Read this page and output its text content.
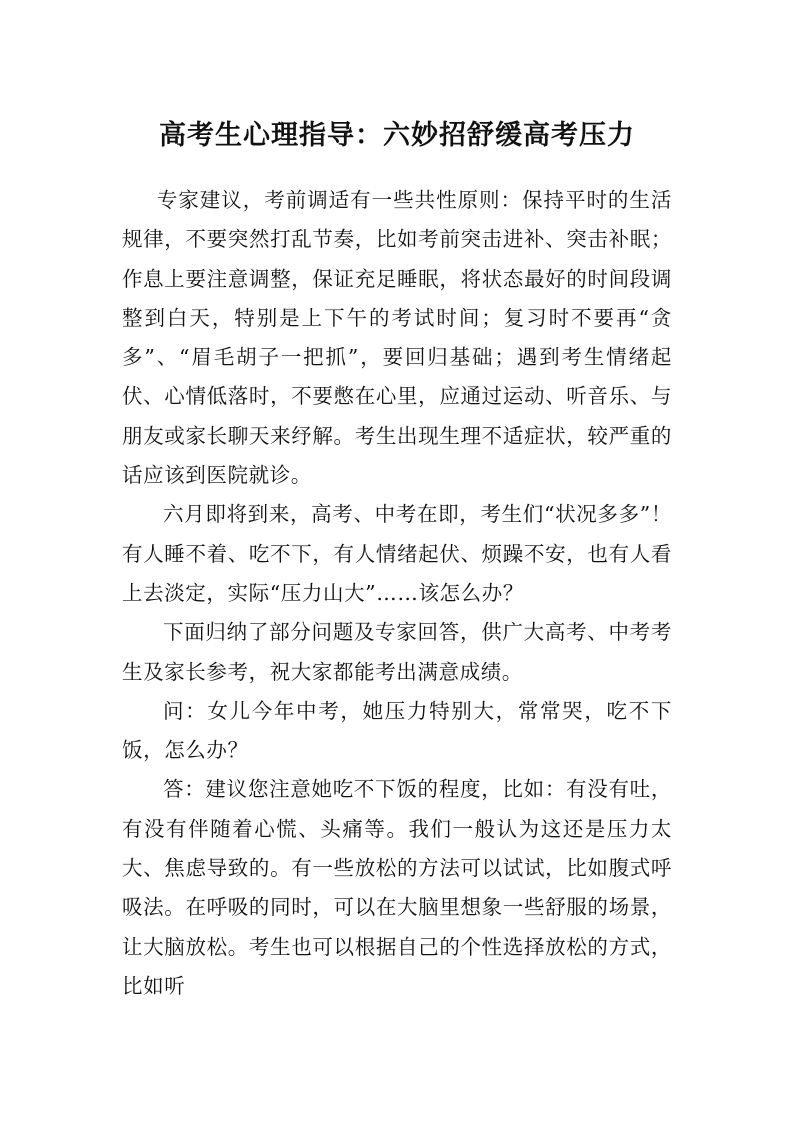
高考生心理指导：六妙招舒缓高考压力

专家建议，考前调适有一些共性原则：保持平时的生活规律，不要突然打乱节奏，比如考前突击进补、突击补眠；作息上要注意调整，保证充足睡眠，将状态最好的时间段调整到白天，特别是上下午的考试时间；复习时不要再“贪多”、“眉毛胡子一把抓”，要回归基础；遇到考生情绪起伏、心情低落时，不要憋在心里，应通过运动、听音乐、与朋友或家长聊天来纾解。考生出现生理不适症状，较严重的话应该到医院就诊。

六月即将到来，高考、中考在即，考生们“状况多多”！有人睡不着、吃不下，有人情绪起伏、烦躁不安，也有人看上去淡定，实际“压力山大”……该怎么办？

下面归纳了部分问题及专家回答，供广大高考、中考考生及家长参考，祝大家都能考出满意成绩。

问：女儿今年中考，她压力特别大，常常哭，吃不下饭，怎么办？

答：建议您注意她吃不下饭的程度，比如：有没有吐，有没有伴随着心慌、头痛等。我们一般认为这还是压力太大、焦虑导致的。有一些放松的方法可以试试，比如腹式呼吸法。在呼吸的同时，可以在大脑里想象一些舒服的场景，让大脑放松。考生也可以根据自己的个性选择放松的方式，比如听
